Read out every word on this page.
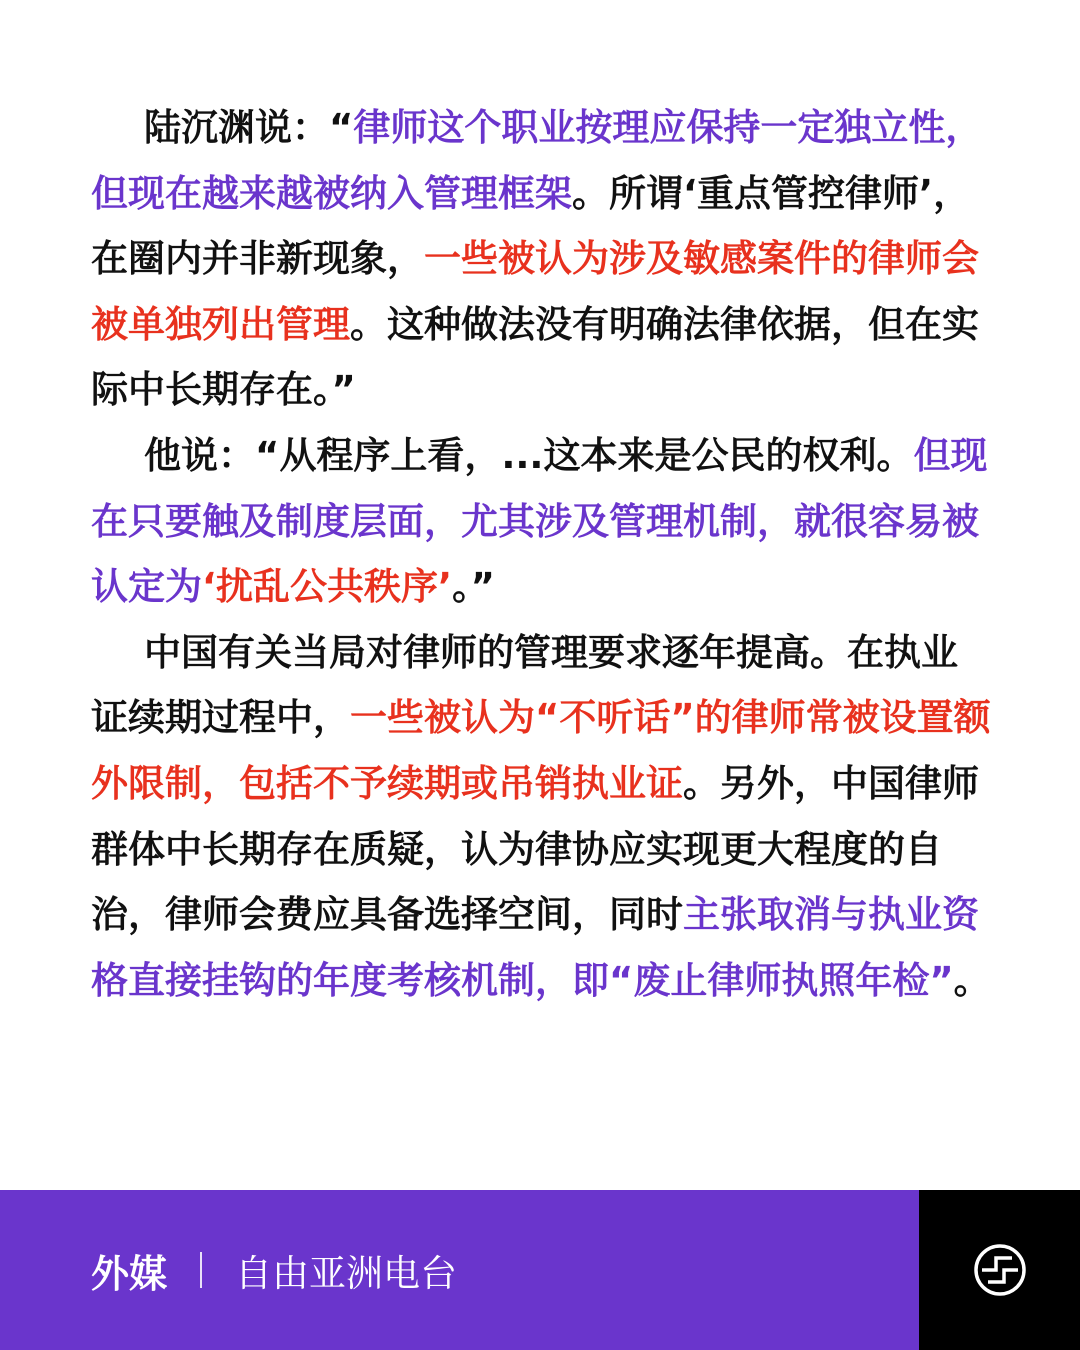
陆沉渊说：“律师这个职业按理应保持一定独立性，但现在越来越被纳入管理框架。所谓‘重点管控律师’，在圈内并非新现象，一些被认为涉及敏感案件的律师会被单独列出管理。这种做法没有明确法律依据，但在实际中长期存在。”

他说：“从程序上看，...这本来是公民的权利。但现在只要触及制度层面，尤其涉及管理机制，就很容易被认定为‘扰乱公共秩序’。”

中国有关当局对律师的管理要求逐年提高。在执业证续期过程中，一些被认为“不听话”的律师常被设置额外限制，包括不予续期或吊销执业证。另外，中国律师群体中长期存在质疑，认为律协应实现更大程度的自治，律师会费应具备选择空间，同时主张取消与执业资格直接挂钩的年度考核机制，即“废止律师执照年检”。

外媒 自由亚洲电台
